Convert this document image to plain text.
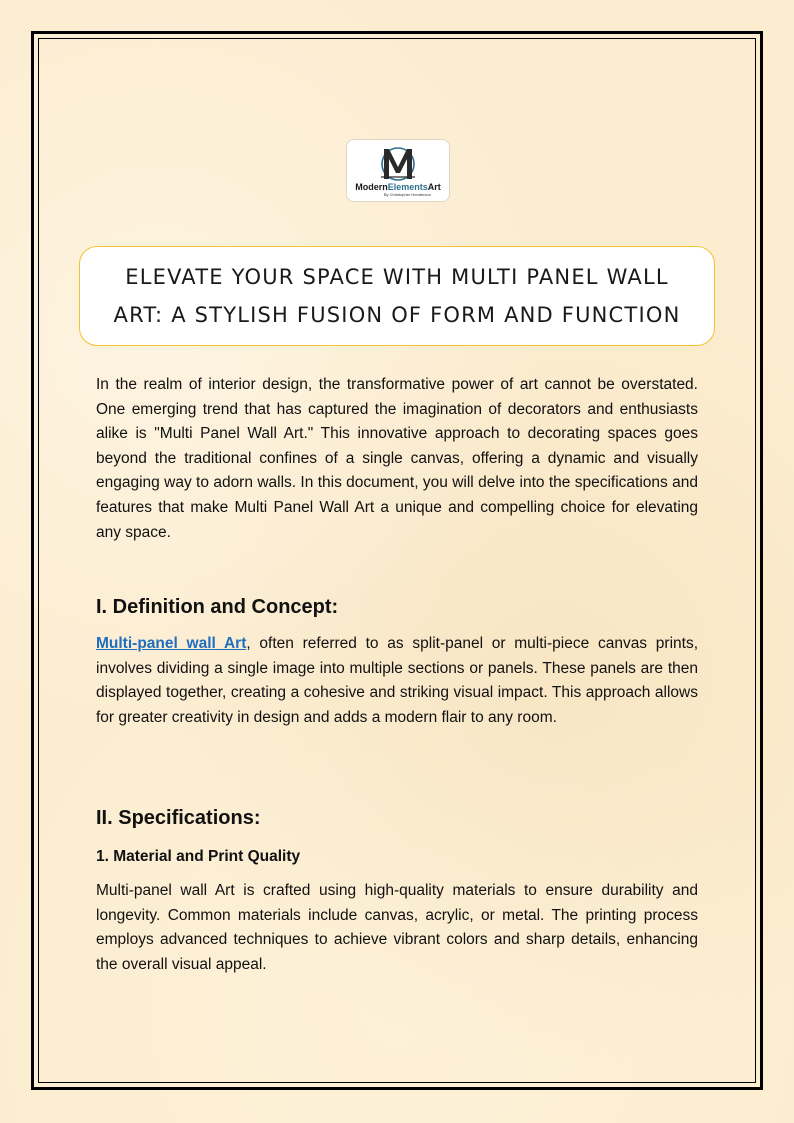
ModernElementsArt
By Christopher Henderson
ELEVATE YOUR SPACE WITH MULTI PANEL WALL ART: A STYLISH FUSION OF FORM AND FUNCTION

In the realm of interior design, the transformative power of art cannot be overstated. One emerging trend that has captured the imagination of decorators and enthusiasts alike is "Multi Panel Wall Art." This innovative approach to decorating spaces goes beyond the traditional confines of a single canvas, offering a dynamic and visually engaging way to adorn walls. In this document, you will delve into the specifications and features that make Multi Panel Wall Art a unique and compelling choice for elevating any space.

I. Definition and Concept:

Multi-panel wall Art, often referred to as split-panel or multi-piece canvas prints, involves dividing a single image into multiple sections or panels. These panels are then displayed together, creating a cohesive and striking visual impact. This approach allows for greater creativity in design and adds a modern flair to any room.

II. Specifications:
1. Material and Print Quality

Multi-panel wall Art is crafted using high-quality materials to ensure durability and longevity. Common materials include canvas, acrylic, or metal. The printing process employs advanced techniques to achieve vibrant colors and sharp details, enhancing the overall visual appeal.
